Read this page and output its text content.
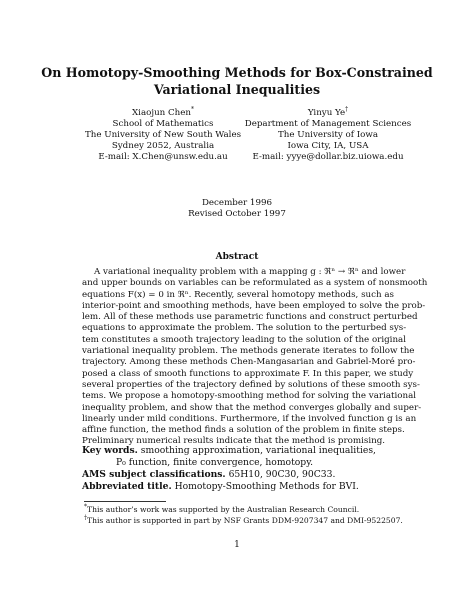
On Homotopy-Smoothing Methods for Box-Constrained
Variational Inequalities
Xiaojun Chen*
School of Mathematics
The University of New South Wales
Sydney 2052, Australia
E-mail: X.Chen@unsw.edu.au
Yinyu Ye†
Department of Management Sciences
The University of Iowa
Iowa City, IA, USA
E-mail: yyye@dollar.biz.uiowa.edu
December 1996
Revised October 1997
Abstract
A variational inequality problem with a mapping g : ℜⁿ → ℜⁿ and lower
and upper bounds on variables can be reformulated as a system of nonsmooth
equations F(x) = 0 in ℜⁿ. Recently, several homotopy methods, such as
interior-point and smoothing methods, have been employed to solve the prob-
lem. All of these methods use parametric functions and construct perturbed
equations to approximate the problem. The solution to the perturbed sys-
tem constitutes a smooth trajectory leading to the solution of the original
variational inequality problem. The methods generate iterates to follow the
trajectory. Among these methods Chen-Mangasarian and Gabriel-Moré pro-
posed a class of smooth functions to approximate F. In this paper, we study
several properties of the trajectory defined by solutions of these smooth sys-
tems. We propose a homotopy-smoothing method for solving the variational
inequality problem, and show that the method converges globally and super-
linearly under mild conditions. Furthermore, if the involved function g is an
affine function, the method finds a solution of the problem in finite steps.
Preliminary numerical results indicate that the method is promising.
Key words. smoothing approximation, variational inequalities,
P₀ function, finite convergence, homotopy.
AMS subject classifications. 65H10, 90C30, 90C33.
Abbreviated title. Homotopy-Smoothing Methods for BVI.
*This author’s work was supported by the Australian Research Council.
†This author is supported in part by NSF Grants DDM-9207347 and DMI-9522507.
1
